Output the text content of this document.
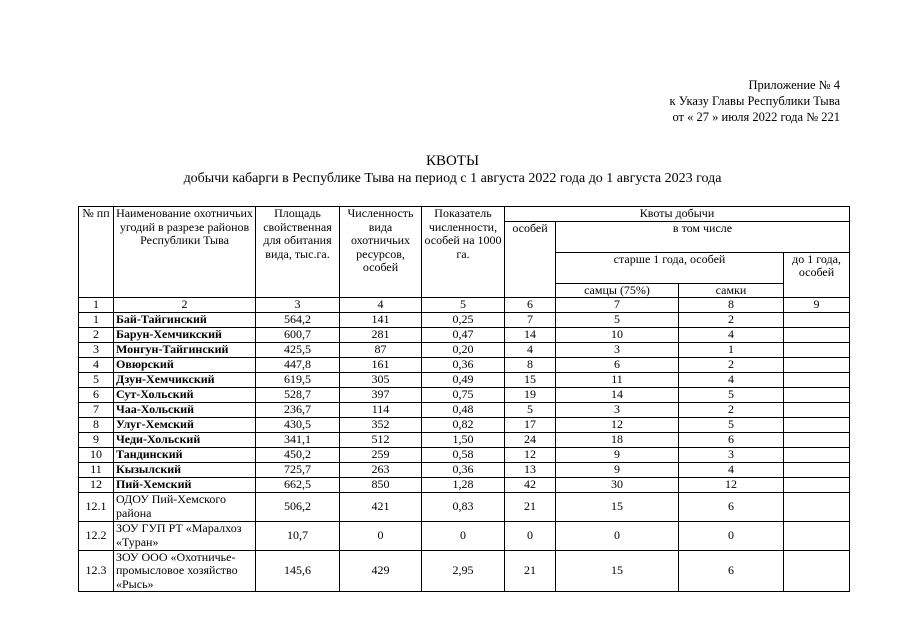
Приложение № 4
к Указу Главы Республики Тыва
от « 27 » июля 2022 года № 221
КВОТЫ
добычи кабарги в Республике Тыва на период с 1 августа 2022 года до 1 августа 2023 года
№ пп	Наименование охотничьих угодий в разрезе районов Республики Тыва	Площадь свойственная для обитания вида, тыс.га.	Численность вида охотничьих ресурсов, особей	Показатель численности, особей на 1000 га.	Квоты добычи			
					особей	в том числе		
						старше 1 года, особей		до 1 года, особей
						самцы (75%)	самки	
1	2	3	4	5	6	7	8	9
1	Бай-Тайгинский	564,2	141	0,25	7	5	2	
2	Барун-Хемчикский	600,7	281	0,47	14	10	4	
3	Монгун-Тайгинский	425,5	87	0,20	4	3	1	
4	Овюрский	447,8	161	0,36	8	6	2	
5	Дзун-Хемчикский	619,5	305	0,49	15	11	4	
6	Сут-Хольский	528,7	397	0,75	19	14	5	
7	Чаа-Хольский	236,7	114	0,48	5	3	2	
8	Улуг-Хемский	430,5	352	0,82	17	12	5	
9	Чеди-Хольский	341,1	512	1,50	24	18	6	
10	Тандинский	450,2	259	0,58	12	9	3	
11	Кызылский	725,7	263	0,36	13	9	4	
12	Пий-Хемский	662,5	850	1,28	42	30	12	
12.1	ОДОУ Пий-Хемского района	506,2	421	0,83	21	15	6	
12.2	ЗОУ ГУП РТ «Маралхоз «Туран»	10,7	0	0	0	0	0	
12.3	ЗОУ ООО «Охотничье-промысловое хозяйство «Рысь»	145,6	429	2,95	21	15	6	
